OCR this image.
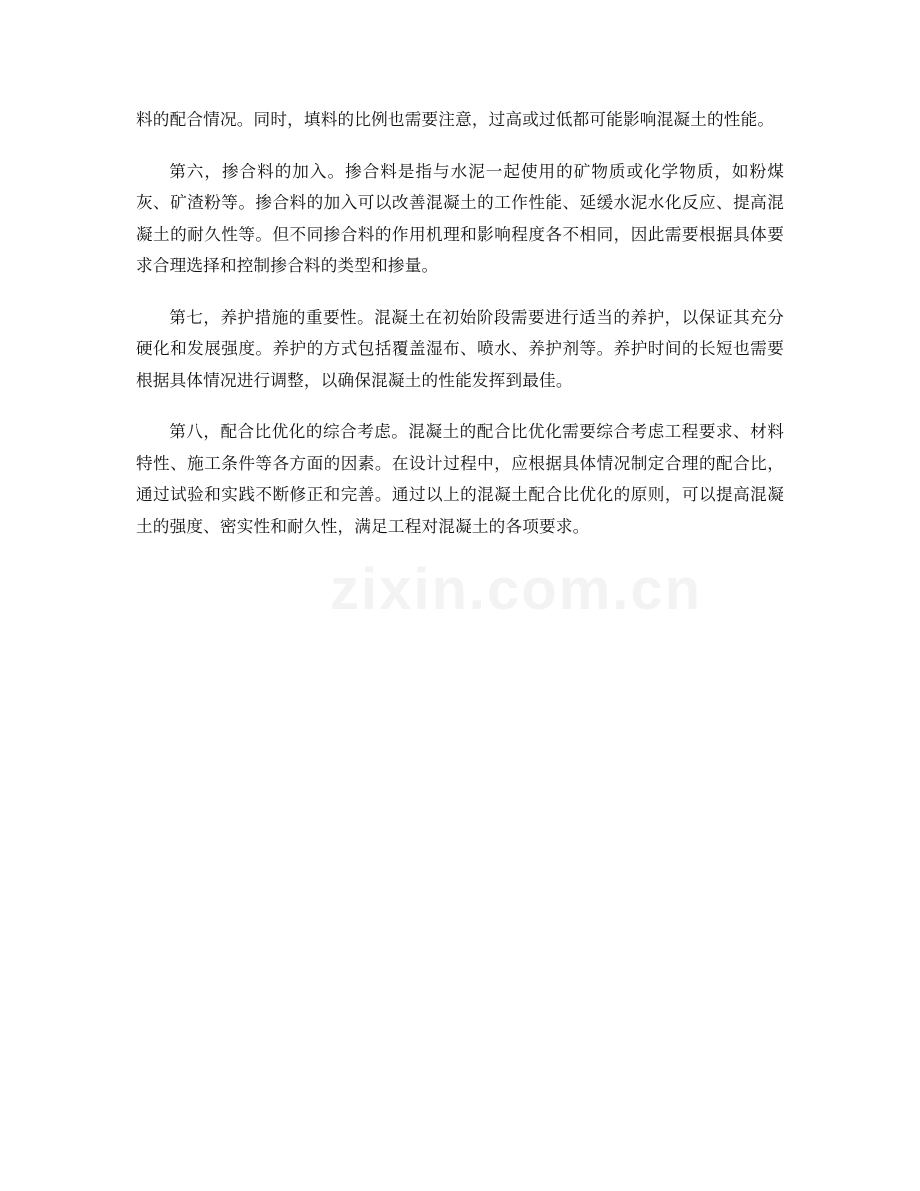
料的配合情况。同时，填料的比例也需要注意，过高或过低都可能影响混凝土的性能。

第六，掺合料的加入。掺合料是指与水泥一起使用的矿物质或化学物质，如粉煤灰、矿渣粉等。掺合料的加入可以改善混凝土的工作性能、延缓水泥水化反应、提高混凝土的耐久性等。但不同掺合料的作用机理和影响程度各不相同，因此需要根据具体要求合理选择和控制掺合料的类型和掺量。

第七，养护措施的重要性。混凝土在初始阶段需要进行适当的养护，以保证其充分硬化和发展强度。养护的方式包括覆盖湿布、喷水、养护剂等。养护时间的长短也需要根据具体情况进行调整，以确保混凝土的性能发挥到最佳。

第八，配合比优化的综合考虑。混凝土的配合比优化需要综合考虑工程要求、材料特性、施工条件等各方面的因素。在设计过程中，应根据具体情况制定合理的配合比，通过试验和实践不断修正和完善。通过以上的混凝土配合比优化的原则，可以提高混凝土的强度、密实性和耐久性，满足工程对混凝土的各项要求。

zixin.com.cn
